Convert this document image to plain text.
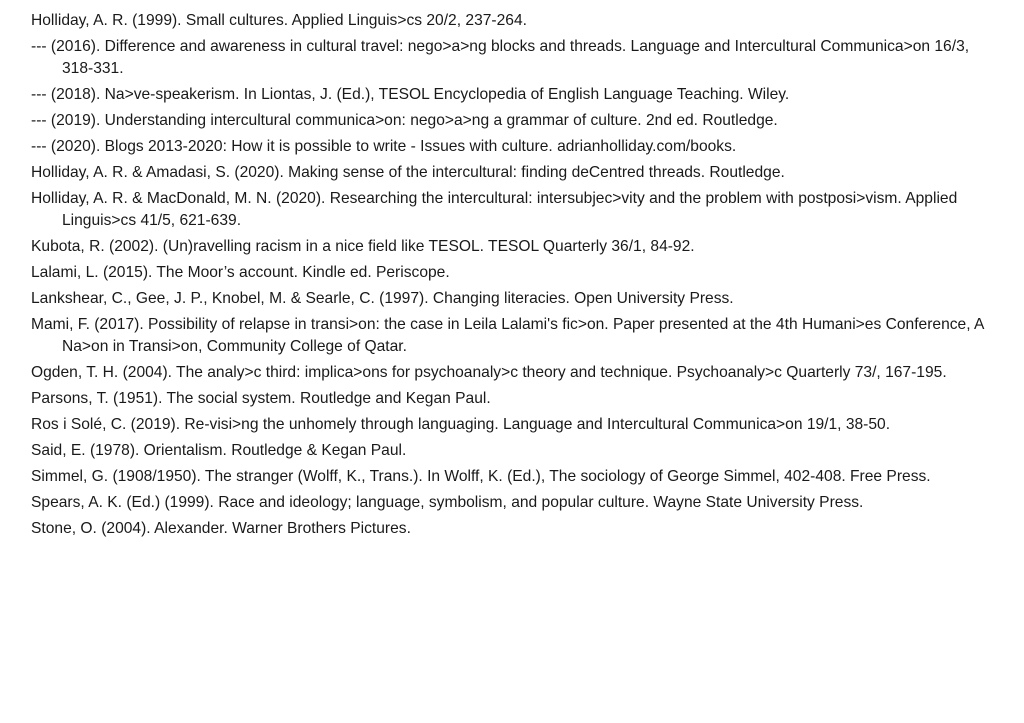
Holliday, A. R. (1999). Small cultures. Applied Linguis>cs 20/2, 237-264.
--- (2016). Difference and awareness in cultural travel: nego>a>ng blocks and threads. Language and Intercultural Communica>on 16/3, 318-331.
--- (2018). Na>ve-speakerism. In Liontas, J. (Ed.), TESOL Encyclopedia of English Language Teaching. Wiley.
--- (2019). Understanding intercultural communica>on: nego>a>ng a grammar of culture. 2nd ed. Routledge.
--- (2020). Blogs 2013-2020: How it is possible to write - Issues with culture. adrianholliday.com/books.
Holliday, A. R. & Amadasi, S. (2020). Making sense of the intercultural: finding deCentred threads. Routledge.
Holliday, A. R. & MacDonald, M. N. (2020). Researching the intercultural: intersubjec>vity and the problem with postposi>vism. Applied Linguis>cs 41/5, 621-639.
Kubota, R. (2002). (Un)ravelling racism in a nice field like TESOL. TESOL Quarterly 36/1, 84-92.
Lalami, L. (2015). The Moor’s account. Kindle ed. Periscope.
Lankshear, C., Gee, J. P., Knobel, M. & Searle, C. (1997). Changing literacies. Open University Press.
Mami, F. (2017). Possibility of relapse in transi>on: the case in Leila Lalami's fic>on. Paper presented at the 4th Humani>es Conference, A Na>on in Transi>on, Community College of Qatar.
Ogden, T. H. (2004). The analy>c third: implica>ons for psychoanaly>c theory and technique. Psychoanaly>c Quarterly 73/, 167-195.
Parsons, T. (1951). The social system. Routledge and Kegan Paul.
Ros i Solé, C. (2019). Re-visi>ng the unhomely through languaging. Language and Intercultural Communica>on 19/1, 38-50.
Said, E. (1978). Orientalism. Routledge & Kegan Paul.
Simmel, G. (1908/1950). The stranger (Wolff, K., Trans.). In Wolff, K. (Ed.), The sociology of George Simmel, 402-408. Free Press.
Spears, A. K. (Ed.) (1999). Race and ideology; language, symbolism, and popular culture. Wayne State University Press.
Stone, O. (2004). Alexander. Warner Brothers Pictures.
